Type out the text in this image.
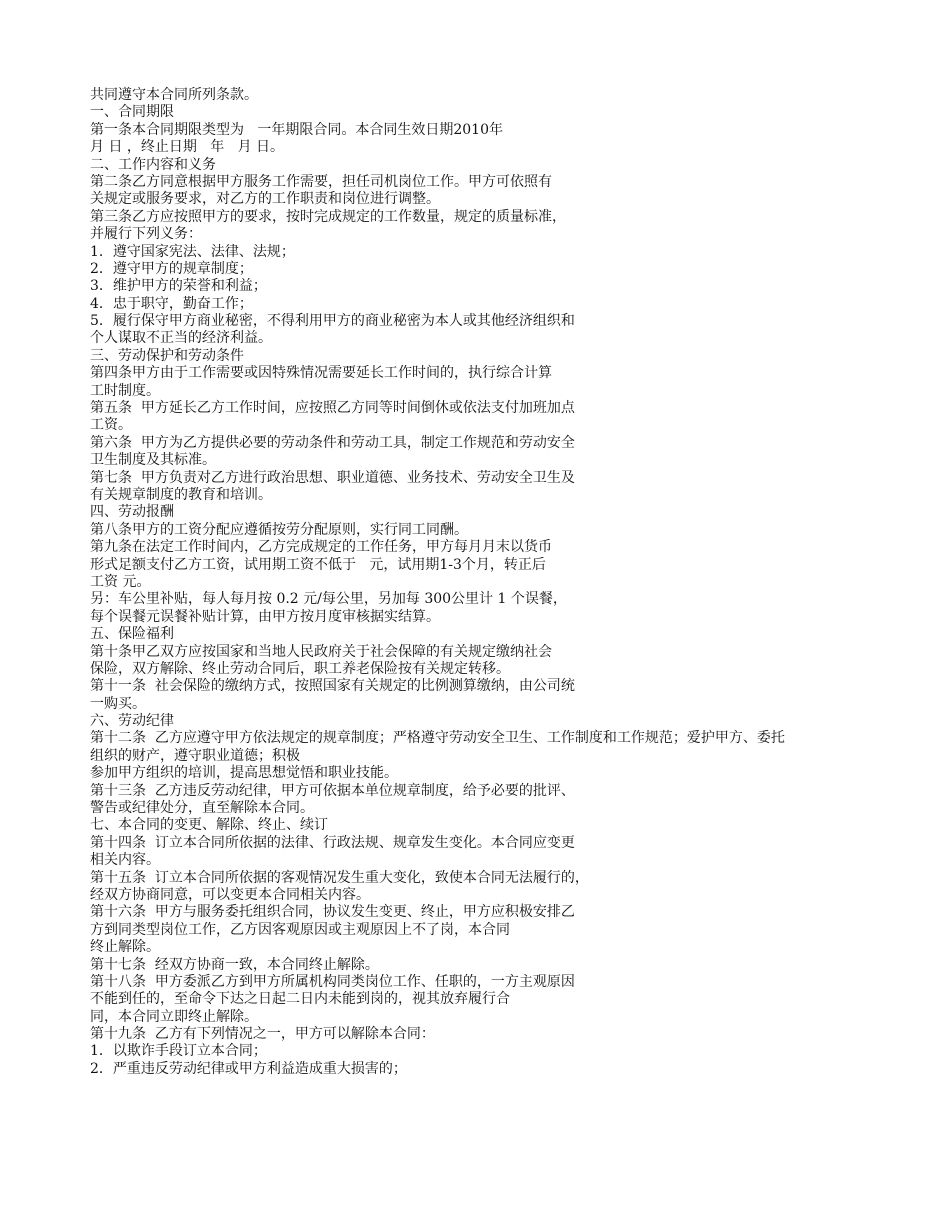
共同遵守本合同所列条款。
一、合同期限
第一条本合同期限类型为   一年期限合同。本合同生效日期2010年
月 日 ，终止日期   年   月 日。
二、工作内容和义务
第二条乙方同意根据甲方服务工作需要，担任司机岗位工作。甲方可依照有
关规定或服务要求，对乙方的工作职责和岗位进行调整。
第三条乙方应按照甲方的要求，按时完成规定的工作数量，规定的质量标准，
并履行下列义务：
1．遵守国家宪法、法律、法规；
2．遵守甲方的规章制度；
3．维护甲方的荣誉和利益；
4．忠于职守，勤奋工作；
5．履行保守甲方商业秘密，不得利用甲方的商业秘密为本人或其他经济组织和
个人谋取不正当的经济利益。
三、劳动保护和劳动条件
第四条甲方由于工作需要或因特殊情况需要延长工作时间的，执行综合计算
工时制度。
第五条  甲方延长乙方工作时间，应按照乙方同等时间倒休或依法支付加班加点
工资。
第六条  甲方为乙方提供必要的劳动条件和劳动工具，制定工作规范和劳动安全
卫生制度及其标准。
第七条  甲方负责对乙方进行政治思想、职业道德、业务技术、劳动安全卫生及
有关规章制度的教育和培训。
四、劳动报酬
第八条甲方的工资分配应遵循按劳分配原则，实行同工同酬。
第九条在法定工作时间内，乙方完成规定的工作任务，甲方每月月末以货币
形式足额支付乙方工资，试用期工资不低于   元，试用期1-3个月，转正后
工资 元。
另：车公里补贴，每人每月按 0.2 元/每公里，另加每 300公里计 1 个误餐，
每个误餐元误餐补贴计算，由甲方按月度审核据实结算。
五、保险福利
第十条甲乙双方应按国家和当地人民政府关于社会保障的有关规定缴纳社会
保险，双方解除、终止劳动合同后，职工养老保险按有关规定转移。
第十一条  社会保险的缴纳方式，按照国家有关规定的比例测算缴纳，由公司统
一购买。
六、劳动纪律
第十二条  乙方应遵守甲方依法规定的规章制度；严格遵守劳动安全卫生、工作制度和工作规范；爱护甲方、委托
组织的财产，遵守职业道德；积极
参加甲方组织的培训，提高思想觉悟和职业技能。
第十三条  乙方违反劳动纪律，甲方可依据本单位规章制度，给予必要的批评、
警告或纪律处分，直至解除本合同。
七、本合同的变更、解除、终止、续订
第十四条  订立本合同所依据的法律、行政法规、规章发生变化。本合同应变更
相关内容。
第十五条  订立本合同所依据的客观情况发生重大变化，致使本合同无法履行的，
经双方协商同意，可以变更本合同相关内容。
第十六条  甲方与服务委托组织合同，协议发生变更、终止，甲方应积极安排乙
方到同类型岗位工作，乙方因客观原因或主观原因上不了岗，本合同
终止解除。
第十七条  经双方协商一致，本合同终止解除。
第十八条  甲方委派乙方到甲方所属机构同类岗位工作、任职的，一方主观原因
不能到任的，至命令下达之日起二日内未能到岗的，视其放弃履行合
同，本合同立即终止解除。
第十九条  乙方有下列情况之一，甲方可以解除本合同：
1．以欺诈手段订立本合同；
2．严重违反劳动纪律或甲方利益造成重大损害的；
